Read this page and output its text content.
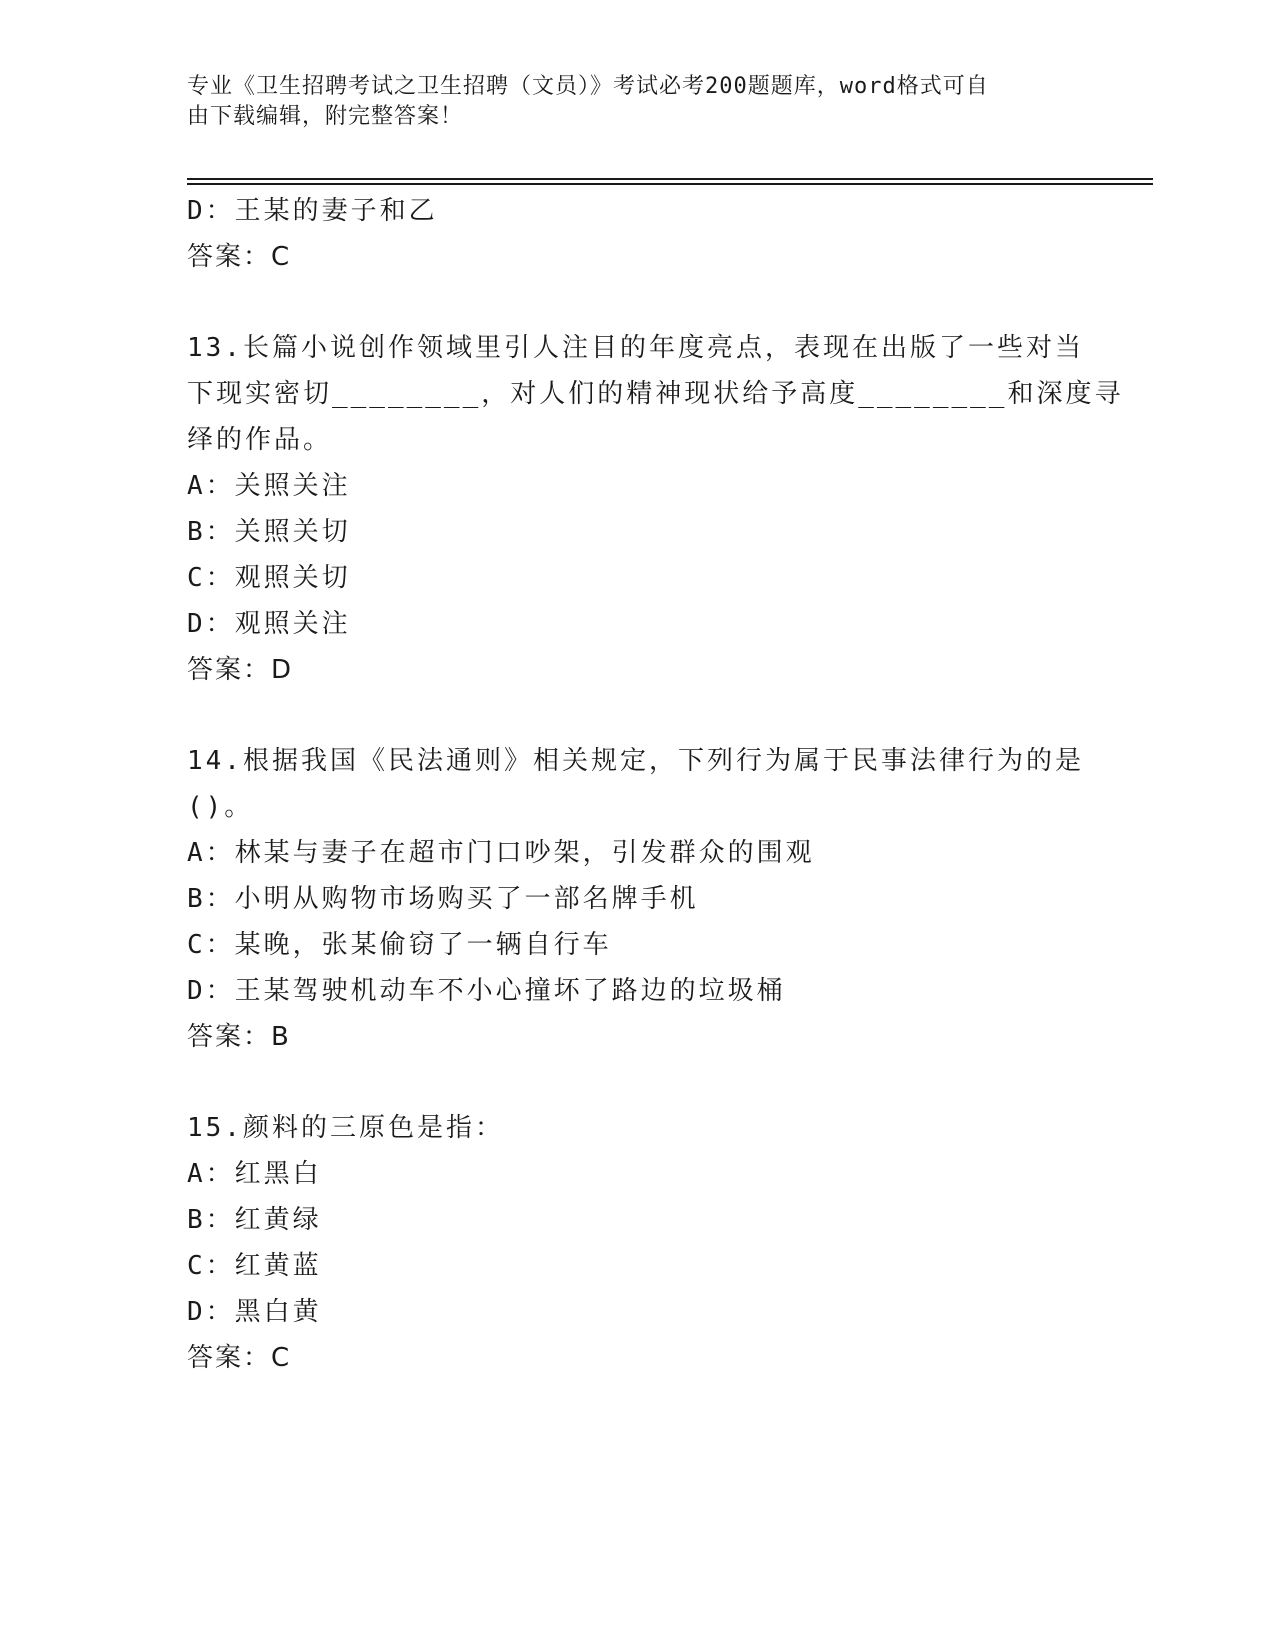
专业《卫生招聘考试之卫生招聘（文员）》考试必考200题题库，word格式可自
由下载编辑，附完整答案！
D：王某的妻子和乙
答案：C
13.长篇小说创作领域里引人注目的年度亮点，表现在出版了一些对当
下现实密切________，对人们的精神现状给予高度________和深度寻
绎的作品。
A：关照关注
B：关照关切
C：观照关切
D：观照关注
答案：D
14.根据我国《民法通则》相关规定，下列行为属于民事法律行为的是
()。
A：林某与妻子在超市门口吵架，引发群众的围观
B：小明从购物市场购买了一部名牌手机
C：某晚，张某偷窃了一辆自行车
D：王某驾驶机动车不小心撞坏了路边的垃圾桶
答案：B
15.颜料的三原色是指：
A：红黑白
B：红黄绿
C：红黄蓝
D：黑白黄
答案：C
